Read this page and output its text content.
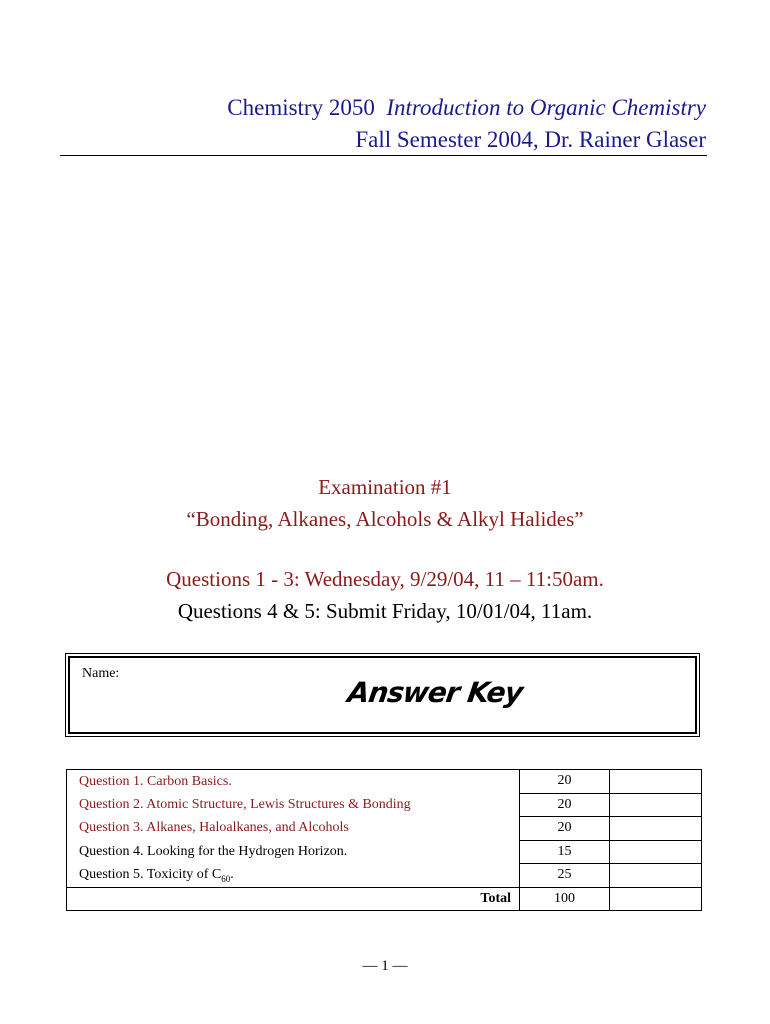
Chemistry 2050 Introduction to Organic Chemistry
Fall Semester 2004, Dr. Rainer Glaser
Examination #1
“Bonding, Alkanes, Alcohols & Alkyl Halides”
Questions 1 - 3: Wednesday, 9/29/04, 11 – 11:50am.
Questions 4 & 5: Submit Friday, 10/01/04, 11am.
Name:
Answer Key
Question 1. Carbon Basics.	20	
Question 2. Atomic Structure, Lewis Structures & Bonding	20	
Question 3. Alkanes, Haloalkanes, and Alcohols	20	
Question 4. Looking for the Hydrogen Horizon.	15	
Question 5. Toxicity of $C_{60}$.	25	
Total	100	
— 1 —
